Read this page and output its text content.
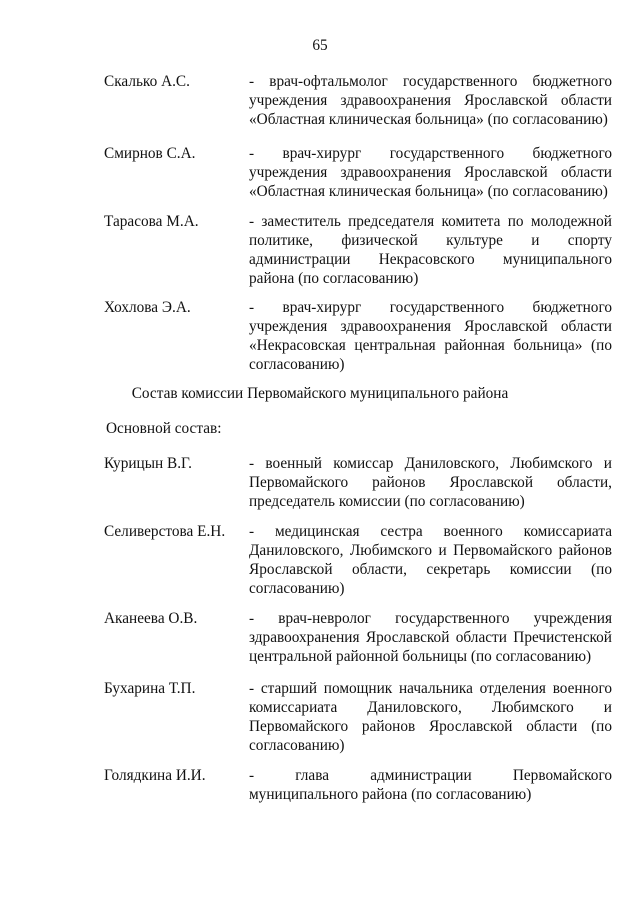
65
Скалько А.С.	- врач-офтальмолог государственного бюджетного учреждения здравоохранения Ярославской области «Областная клиническая больница» (по согласованию)
Смирнов С.А.	- врач-хирург государственного бюджетного учреждения здравоохранения Ярославской области «Областная клиническая больница» (по согласованию)
Тарасова М.А.	- заместитель председателя комитета по молодежной политике, физической культуре и спорту администрации Некрасовского муниципального района (по согласованию)
Хохлова Э.А.	- врач-хирург государственного бюджетного учреждения здравоохранения Ярославской области «Некрасовская центральная районная больница» (по согласованию)
Состав комиссии Первомайского муниципального района
Основной состав:
Курицын В.Г.	- военный комиссар Даниловского, Любимского и Первомайского районов Ярославской области, председатель комиссии (по согласованию)
Селиверстова Е.Н. - медицинская сестра военного комиссариата Даниловского, Любимского и Первомайского районов Ярославской области, секретарь комиссии (по согласованию)
Аканеева О.В.	- врач-невролог государственного учреждения здравоохранения Ярославской области Пречистенской центральной районной больницы (по согласованию)
Бухарина Т.П.	- старший помощник начальника отделения военного комиссариата Даниловского, Любимского и Первомайского районов Ярославской области (по согласованию)
Голядкина И.И.	- глава администрации Первомайского муниципального района (по согласованию)
